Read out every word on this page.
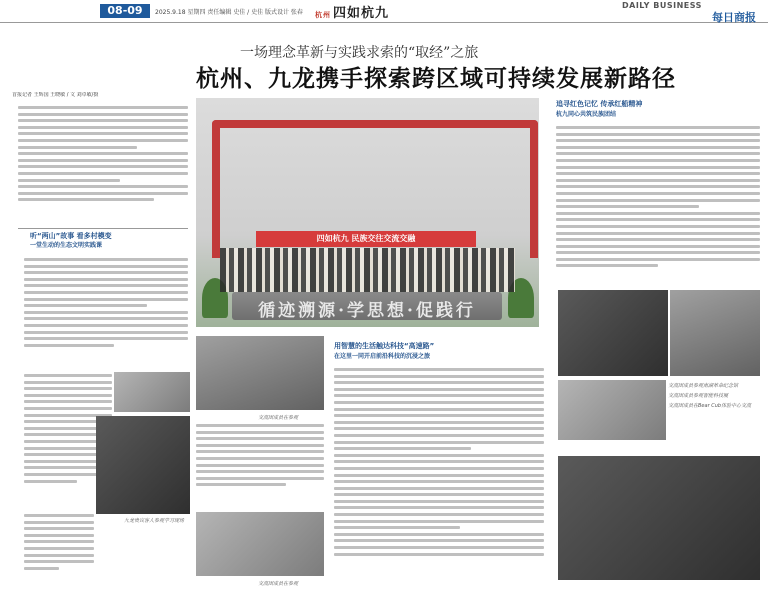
08-09	2025.9.18 星期四 责任编辑 史佳 / 史佳 版式设计 张春 杭州 四如杭九
DAILY BUSINESS
每日商报
一场理念革新与实践求索的“取经”之旅
杭州、九龙携手探索跨区域可持续发展新路径
首报记者 王辉国 王晓敏 / 文 刘卓敏/摄
听“两山”故事 看多村模变
一堂生动的生态文明实践课
九龙贵宾客人参观学习现场
四如杭九 民族交往交流交融
循迹溯源·学思想·促践行
交流团成员在参观
交流团成员在参观
用智慧的生活触达科技“高速路”
在这里一同开启前沿科技的沉浸之旅
追寻红色记忆 传承红船精神
杭九同心共筑民族团结
交流团成员参观南湖革命纪念馆
交流团成员参观智能科技展
交流团成员在Bear Cub体验中心交流
